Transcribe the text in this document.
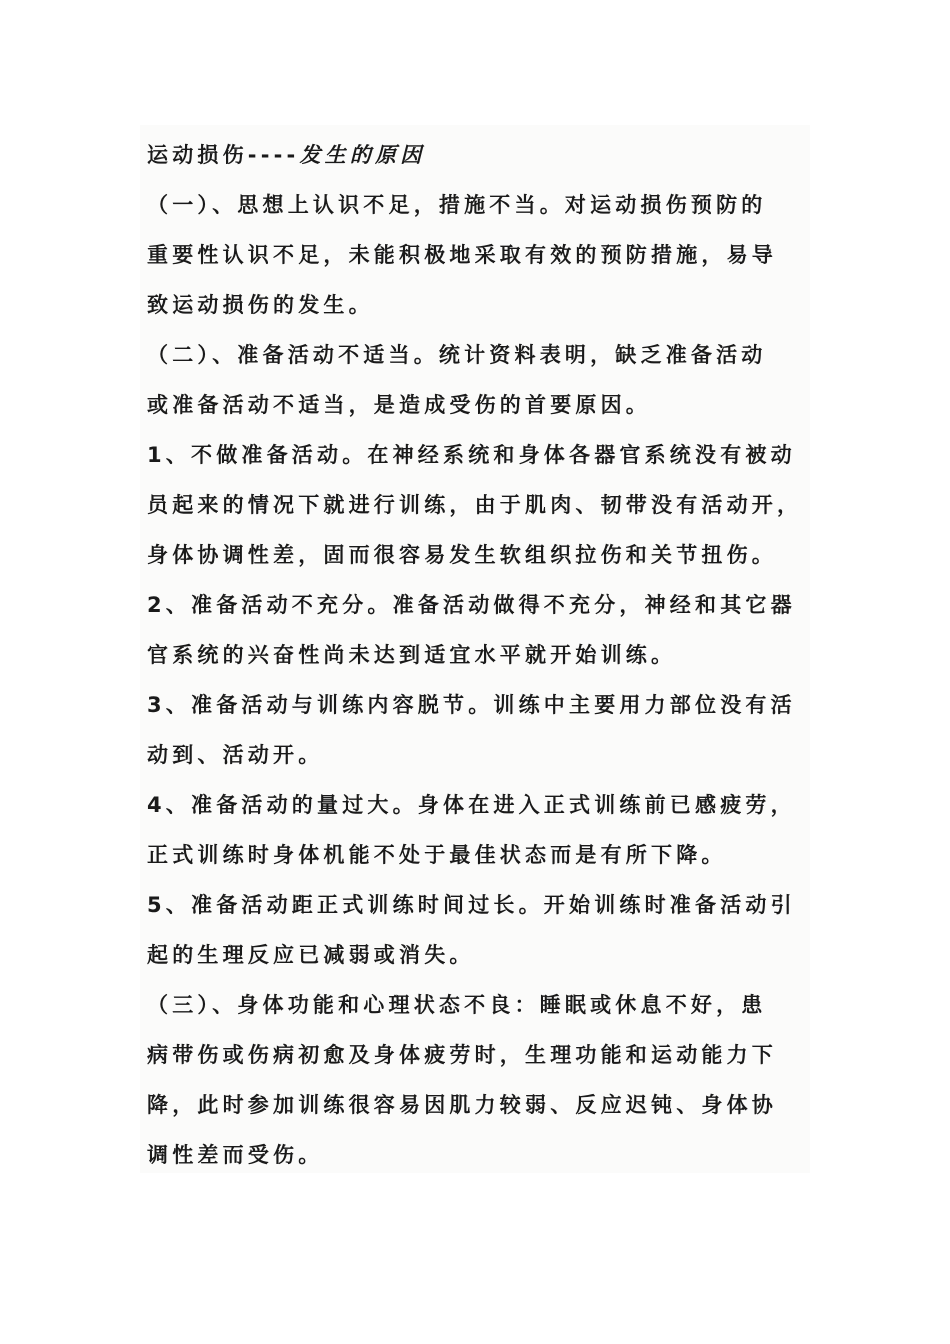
运动损伤----发生的原因
（一）、思想上认识不足，措施不当。对运动损伤预防的
重要性认识不足，未能积极地采取有效的预防措施，易导
致运动损伤的发生。
（二）、准备活动不适当。统计资料表明，缺乏准备活动
或准备活动不适当，是造成受伤的首要原因。
1、不做准备活动。在神经系统和身体各器官系统没有被动
员起来的情况下就进行训练，由于肌肉、韧带没有活动开，
身体协调性差，固而很容易发生软组织拉伤和关节扭伤。
2、准备活动不充分。准备活动做得不充分，神经和其它器
官系统的兴奋性尚未达到适宜水平就开始训练。
3、准备活动与训练内容脱节。训练中主要用力部位没有活
动到、活动开。
4、准备活动的量过大。身体在进入正式训练前已感疲劳，
正式训练时身体机能不处于最佳状态而是有所下降。
5、准备活动距正式训练时间过长。开始训练时准备活动引
起的生理反应已减弱或消失。
（三）、身体功能和心理状态不良：睡眠或休息不好，患
病带伤或伤病初愈及身体疲劳时，生理功能和运动能力下
降，此时参加训练很容易因肌力较弱、反应迟钝、身体协
调性差而受伤。
